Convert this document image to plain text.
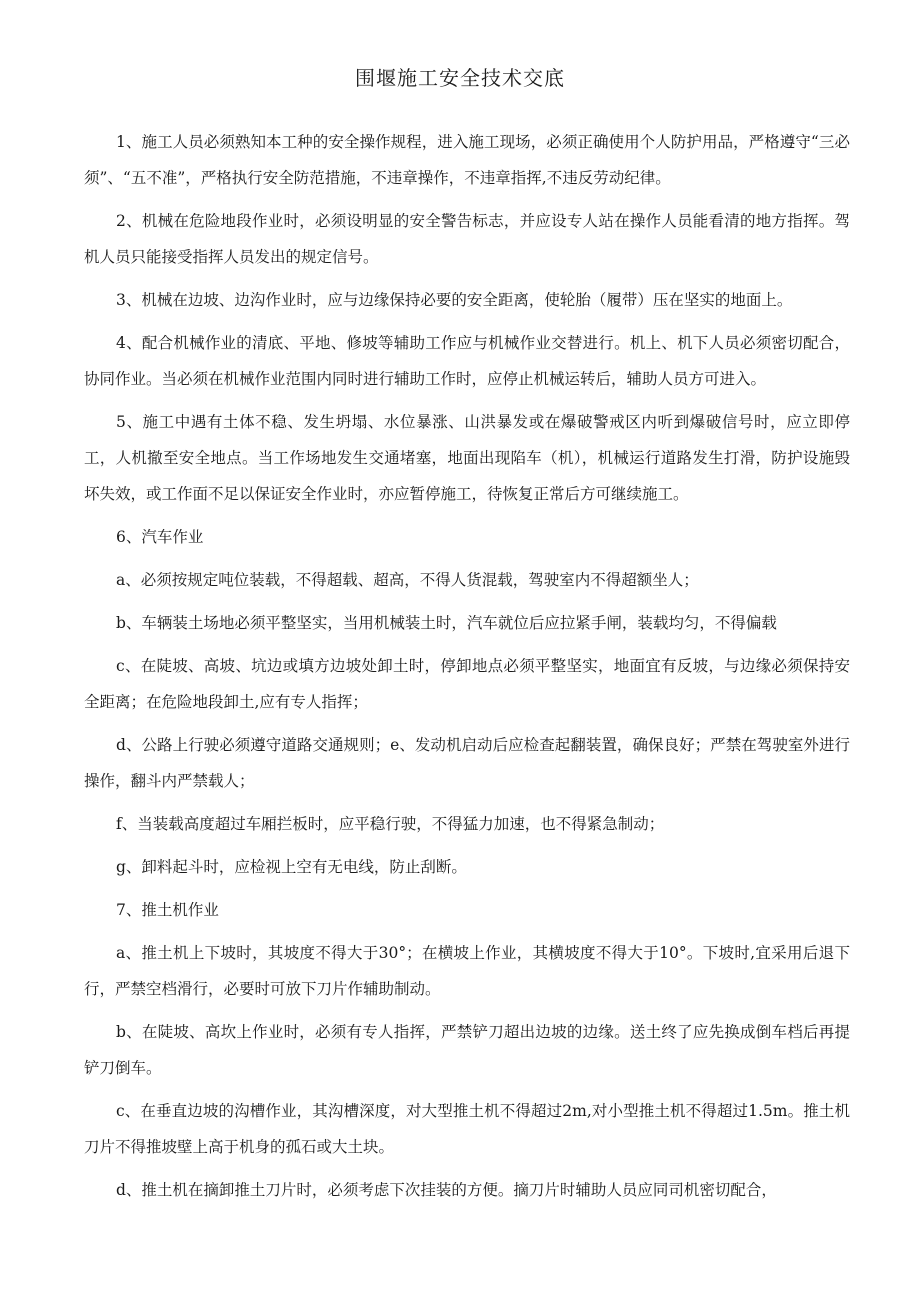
围堰施工安全技术交底

1、施工人员必须熟知本工种的安全操作规程，进入施工现场，必须正确使用个人防护用品，严格遵守“三必须”、“五不准”，严格执行安全防范措施，不违章操作，不违章指挥,不违反劳动纪律。

2、机械在危险地段作业时，必须设明显的安全警告标志，并应设专人站在操作人员能看清的地方指挥。驾机人员只能接受指挥人员发出的规定信号。

3、机械在边坡、边沟作业时，应与边缘保持必要的安全距离，使轮胎（履带）压在坚实的地面上。

4、配合机械作业的清底、平地、修坡等辅助工作应与机械作业交替进行。机上、机下人员必须密切配合，协同作业。当必须在机械作业范围内同时进行辅助工作时，应停止机械运转后，辅助人员方可进入。

5、施工中遇有土体不稳、发生坍塌、水位暴涨、山洪暴发或在爆破警戒区内听到爆破信号时，应立即停工，人机撤至安全地点。当工作场地发生交通堵塞，地面出现陷车（机），机械运行道路发生打滑，防护设施毁坏失效，或工作面不足以保证安全作业时，亦应暂停施工，待恢复正常后方可继续施工。

6、汽车作业

a、必须按规定吨位装载，不得超载、超高，不得人货混载，驾驶室内不得超额坐人；

b、车辆装土场地必须平整坚实，当用机械装土时，汽车就位后应拉紧手闸，装载均匀，不得偏载

c、在陡坡、高坡、坑边或填方边坡处卸土时，停卸地点必须平整坚实，地面宜有反坡，与边缘必须保持安全距离；在危险地段卸土,应有专人指挥；

d、公路上行驶必须遵守道路交通规则；e、发动机启动后应检查起翻装置，确保良好；严禁在驾驶室外进行操作，翻斗内严禁载人；

f、当装载高度超过车厢拦板时，应平稳行驶，不得猛力加速，也不得紧急制动；

g、卸料起斗时，应检视上空有无电线，防止刮断。

7、推土机作业

a、推土机上下坡时，其坡度不得大于30°；在横坡上作业，其横坡度不得大于10°。下坡时,宜采用后退下行，严禁空档滑行，必要时可放下刀片作辅助制动。

b、在陡坡、高坎上作业时，必须有专人指挥，严禁铲刀超出边坡的边缘。送土终了应先换成倒车档后再提铲刀倒车。

c、在垂直边坡的沟槽作业，其沟槽深度，对大型推土机不得超过2m,对小型推土机不得超过1.5m。推土机刀片不得推坡壁上高于机身的孤石或大土块。

d、推土机在摘卸推土刀片时，必须考虑下次挂装的方便。摘刀片时辅助人员应同司机密切配合，
